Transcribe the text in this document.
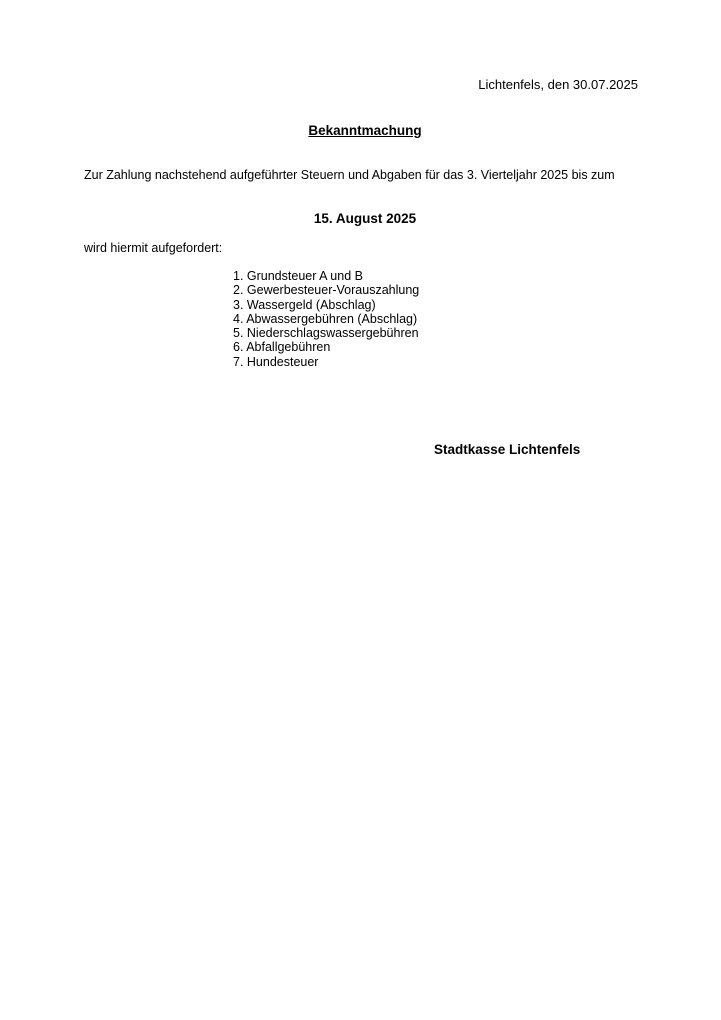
Lichtenfels, den 30.07.2025
Bekanntmachung
Zur Zahlung nachstehend aufgeführter Steuern und Abgaben für das 3. Vierteljahr 2025 bis zum
15. August 2025
wird hiermit aufgefordert:
1. Grundsteuer A und B
2. Gewerbesteuer-Vorauszahlung
3. Wassergeld (Abschlag)
4. Abwassergebühren (Abschlag)
5. Niederschlagswassergebühren
6. Abfallgebühren
7. Hundesteuer
Stadtkasse Lichtenfels
